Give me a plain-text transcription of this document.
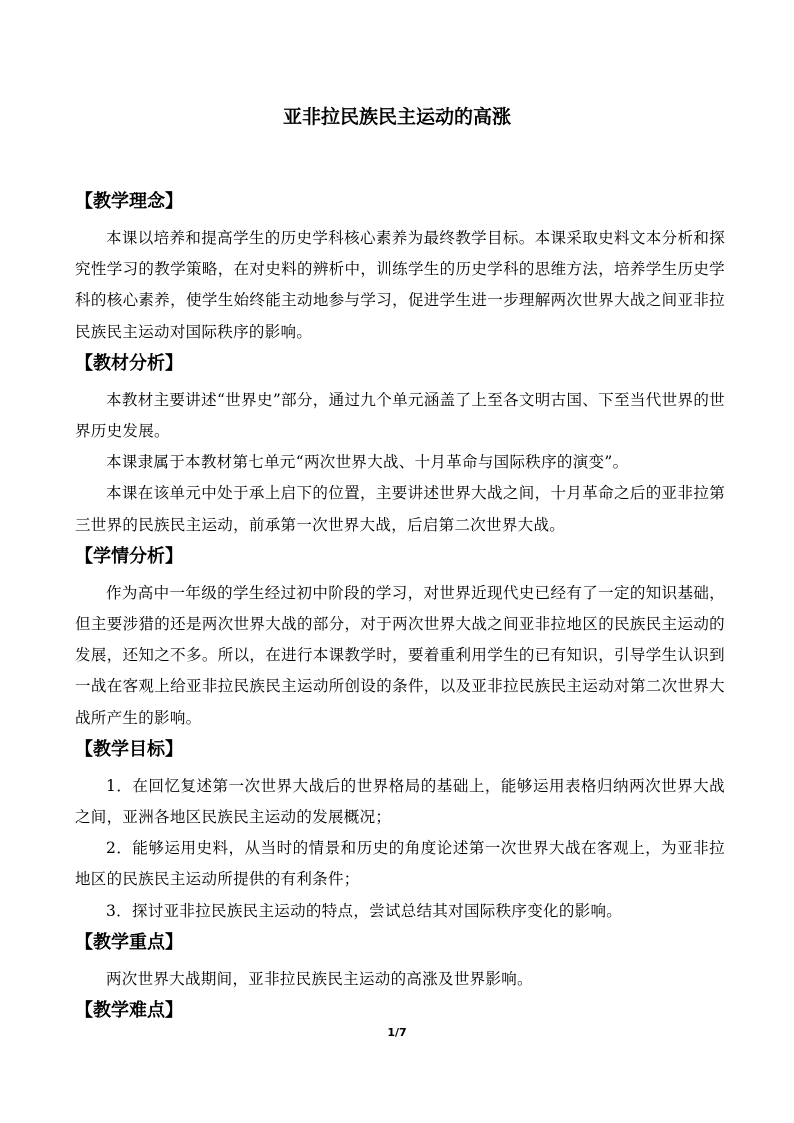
亚非拉民族民主运动的高涨
【教学理念】

本课以培养和提高学生的历史学科核心素养为最终教学目标。本课采取史料文本分析和探究性学习的教学策略，在对史料的辨析中，训练学生的历史学科的思维方法，培养学生历史学科的核心素养，使学生始终能主动地参与学习，促进学生进一步理解两次世界大战之间亚非拉民族民主运动对国际秩序的影响。

【教材分析】

本教材主要讲述“世界史”部分，通过九个单元涵盖了上至各文明古国、下至当代世界的世界历史发展。

本课隶属于本教材第七单元“两次世界大战、十月革命与国际秩序的演变”。

本课在该单元中处于承上启下的位置，主要讲述世界大战之间，十月革命之后的亚非拉第三世界的民族民主运动，前承第一次世界大战，后启第二次世界大战。

【学情分析】

作为高中一年级的学生经过初中阶段的学习，对世界近现代史已经有了一定的知识基础，但主要涉猎的还是两次世界大战的部分，对于两次世界大战之间亚非拉地区的民族民主运动的发展，还知之不多。所以，在进行本课教学时，要着重利用学生的已有知识，引导学生认识到一战在客观上给亚非拉民族民主运动所创设的条件，以及亚非拉民族民主运动对第二次世界大战所产生的影响。

【教学目标】

1．在回忆复述第一次世界大战后的世界格局的基础上，能够运用表格归纳两次世界大战之间，亚洲各地区民族民主运动的发展概况；

2．能够运用史料，从当时的情景和历史的角度论述第一次世界大战在客观上，为亚非拉地区的民族民主运动所提供的有利条件；

3．探讨亚非拉民族民主运动的特点，尝试总结其对国际秩序变化的影响。

【教学重点】

两次世界大战期间，亚非拉民族民主运动的高涨及世界影响。

【教学难点】
1/7
